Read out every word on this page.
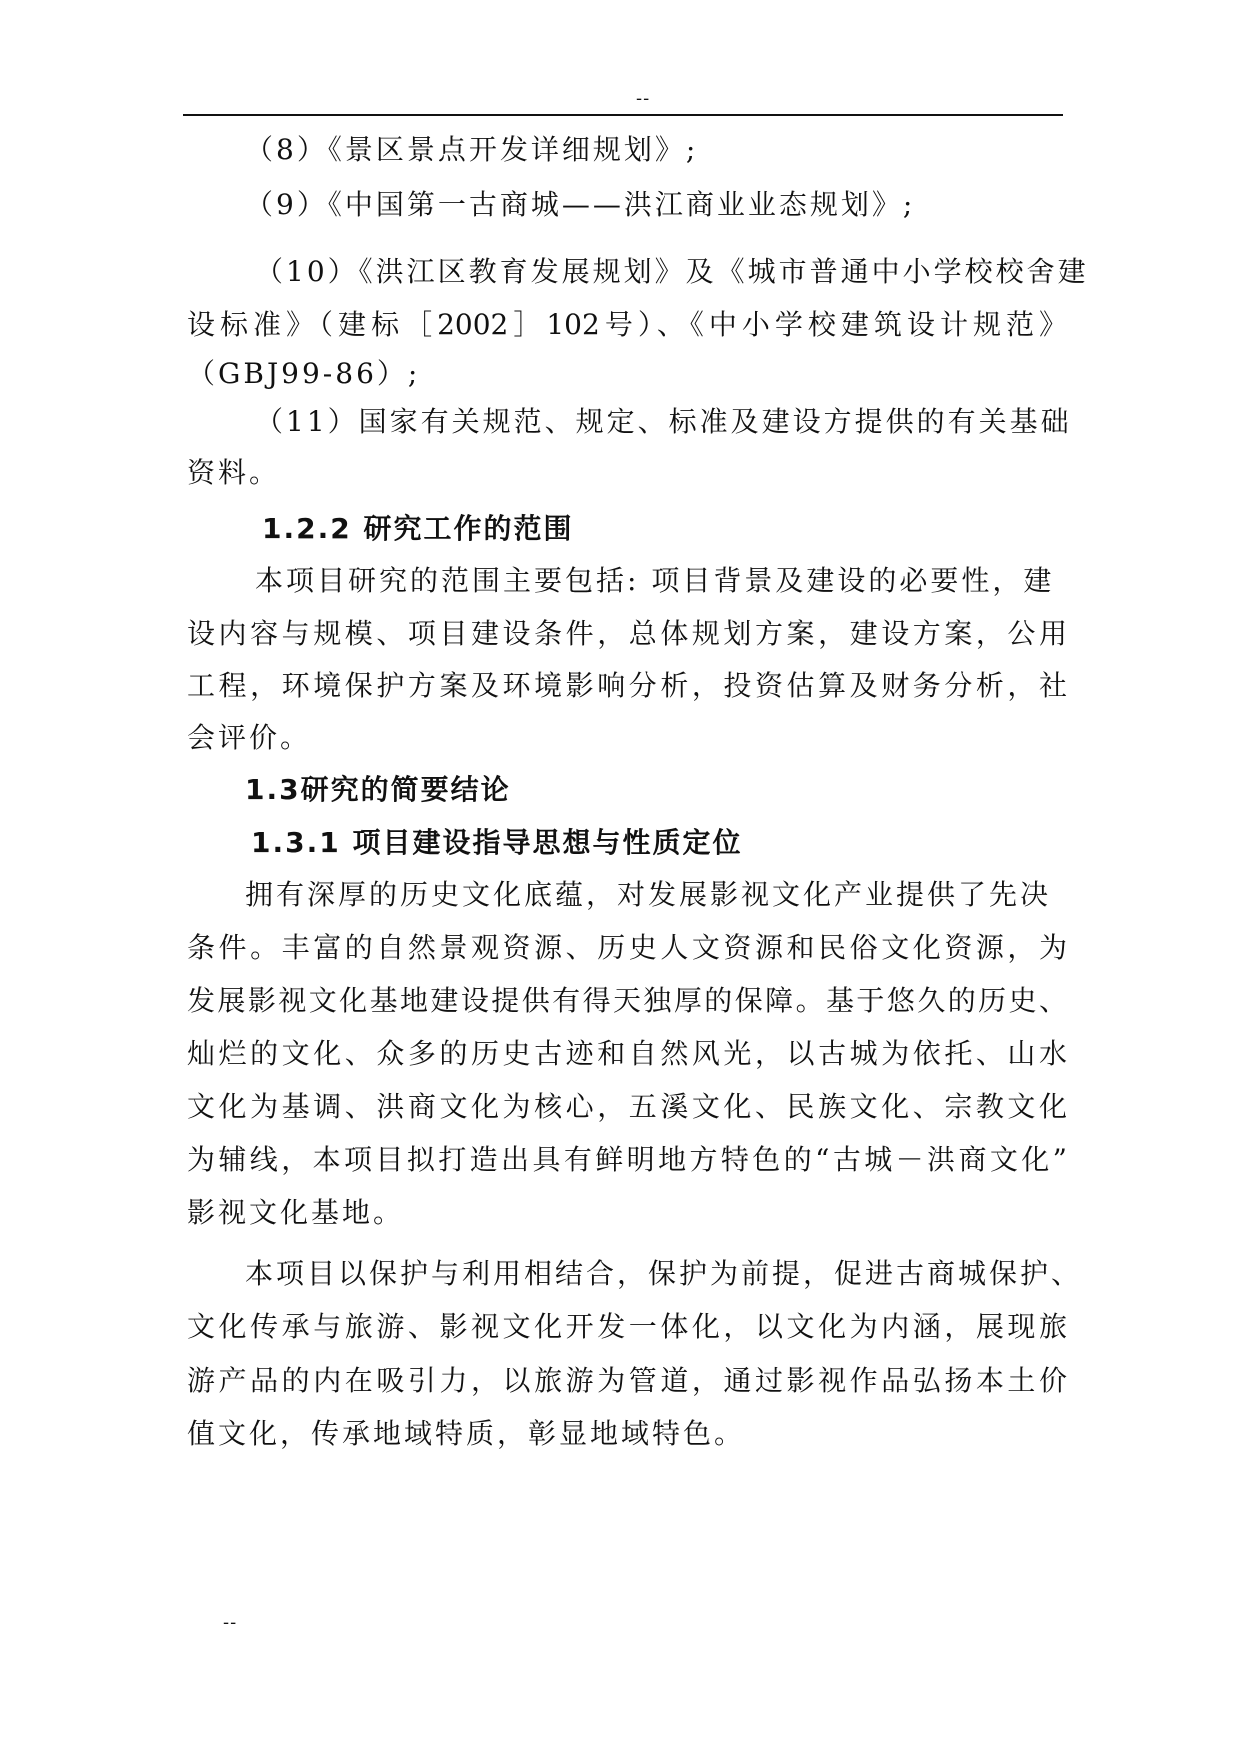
--
（8）《景区景点开发详细规划》;
（9）《中国第一古商城——洪江商业业态规划》;
（10）《洪江区教育发展规划》及《城市普通中小学校校舍建
设标准》（建标［2002］102号）、《中小学校建筑设计规范》
（GBJ99-86）;
（11）国家有关规范、规定、标准及建设方提供的有关基础
资料。
1.2.2 研究工作的范围
本项目研究的范围主要包括: 项目背景及建设的必要性，建
设内容与规模、项目建设条件，总体规划方案，建设方案，公用
工程，环境保护方案及环境影响分析，投资估算及财务分析，社
会评价。
1.3研究的简要结论
1.3.1 项目建设指导思想与性质定位
拥有深厚的历史文化底蕴，对发展影视文化产业提供了先决
条件。丰富的自然景观资源、历史人文资源和民俗文化资源，为
发展影视文化基地建设提供有得天独厚的保障。基于悠久的历史、
灿烂的文化、众多的历史古迹和自然风光，以古城为依托、山水
文化为基调、洪商文化为核心，五溪文化、民族文化、宗教文化
为辅线，本项目拟打造出具有鲜明地方特色的“古城－洪商文化”
影视文化基地。
本项目以保护与利用相结合，保护为前提，促进古商城保护、
文化传承与旅游、影视文化开发一体化，以文化为内涵，展现旅
游产品的内在吸引力，以旅游为管道，通过影视作品弘扬本土价
值文化，传承地域特质，彰显地域特色。
--
